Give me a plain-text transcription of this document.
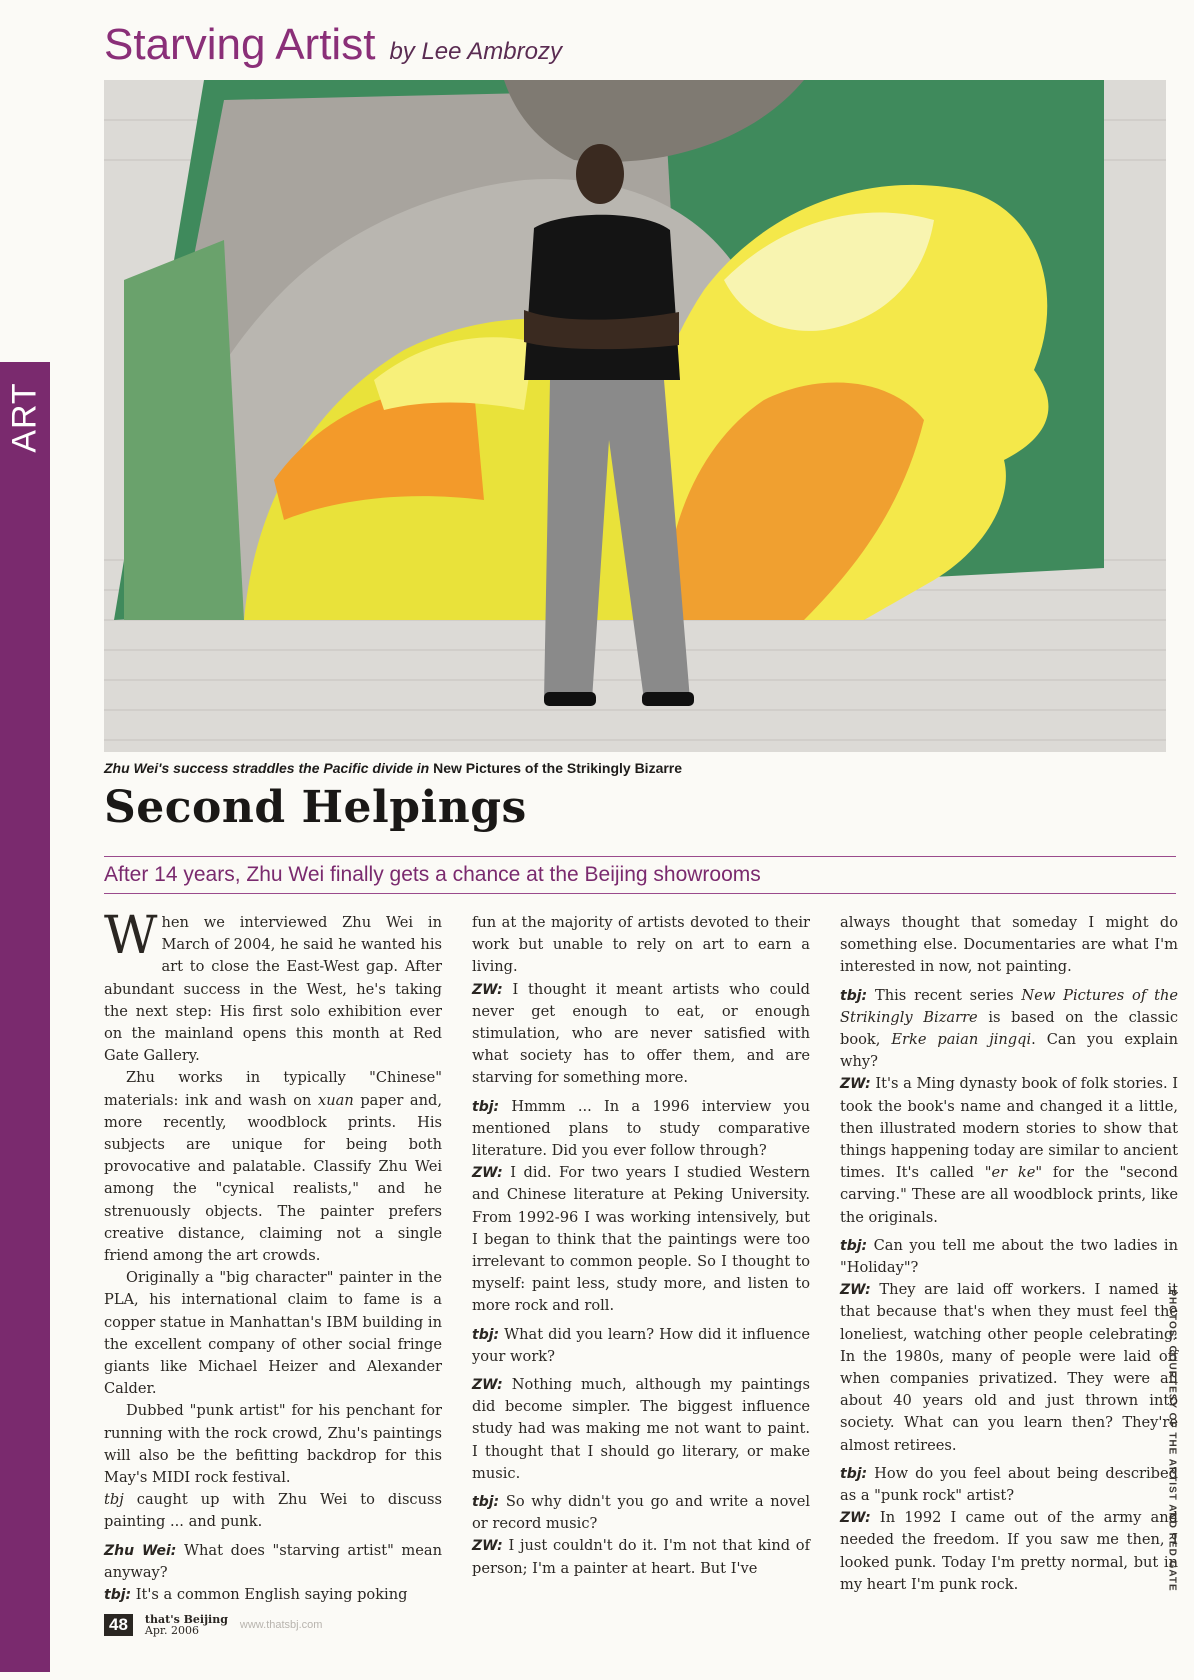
ART
Starving Artist by Lee Ambrozy
Zhu Wei's success straddles the Pacific divide in New Pictures of the Strikingly Bizarre
Second Helpings
After 14 years, Zhu Wei finally gets a chance at the Beijing showrooms

When we interviewed Zhu Wei in March of 2004, he said he wanted his art to close the East-West gap. After abundant success in the West, he's taking the next step: His first solo exhibition ever on the mainland opens this month at Red Gate Gallery.

Zhu works in typically "Chinese" materials: ink and wash on xuan paper and, more recently, woodblock prints. His subjects are unique for being both provocative and palatable. Classify Zhu Wei among the "cynical realists," and he strenuously objects. The painter prefers creative distance, claiming not a single friend among the art crowds.

Originally a "big character" painter in the PLA, his international claim to fame is a copper statue in Manhattan's IBM building in the excellent company of other social fringe giants like Michael Heizer and Alexander Calder.

Dubbed "punk artist" for his penchant for running with the rock crowd, Zhu's paintings will also be the befitting backdrop for this May's MIDI rock festival.

tbj caught up with Zhu Wei to discuss painting ... and punk.

Zhu Wei: What does "starving artist" mean anyway?

tbj: It's a common English saying poking

fun at the majority of artists devoted to their work but unable to rely on art to earn a living.

ZW: I thought it meant artists who could never get enough to eat, or enough stimulation, who are never satisfied with what society has to offer them, and are starving for something more.

tbj: Hmmm ... In a 1996 interview you mentioned plans to study comparative literature. Did you ever follow through?

ZW: I did. For two years I studied Western and Chinese literature at Peking University. From 1992-96 I was working intensively, but I began to think that the paintings were too irrelevant to common people. So I thought to myself: paint less, study more, and listen to more rock and roll.

tbj: What did you learn? How did it influence your work?

ZW: Nothing much, although my paintings did become simpler. The biggest influence study had was making me not want to paint. I thought that I should go literary, or make music.

tbj: So why didn't you go and write a novel or record music?

ZW: I just couldn't do it. I'm not that kind of person; I'm a painter at heart. But I've

always thought that someday I might do something else. Documentaries are what I'm interested in now, not painting.

tbj: This recent series New Pictures of the Strikingly Bizarre is based on the classic book, Erke paian jingqi. Can you explain why?

ZW: It's a Ming dynasty book of folk stories. I took the book's name and changed it a little, then illustrated modern stories to show that things happening today are similar to ancient times. It's called "er ke" for the "second carving." These are all woodblock prints, like the originals.

tbj: Can you tell me about the two ladies in "Holiday"?

ZW: They are laid off workers. I named it that because that's when they must feel the loneliest, watching other people celebrating. In the 1980s, many of people were laid off when companies privatized. They were all about 40 years old and just thrown into society. What can you learn then? They're almost retirees.

tbj: How do you feel about being described as a "punk rock" artist?

ZW: In 1992 I came out of the army and needed the freedom. If you saw me then, I looked punk. Today I'm pretty normal, but in my heart I'm punk rock.

48	that's Beijing
Apr. 2006	www.thatsbj.com
PHOTOS: COURTESY OF THE ARTIST AND RED GATE
